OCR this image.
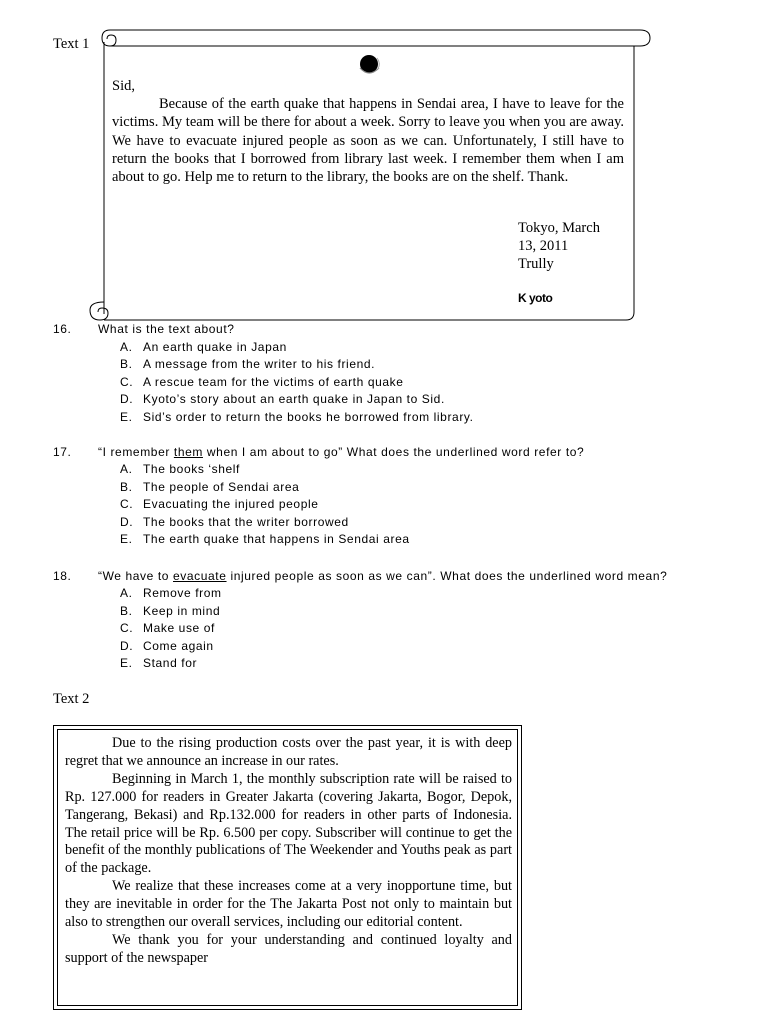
Text 1
Sid,

Because of the earth quake that happens in Sendai area, I have to leave for the victims. My team will be there for about a week. Sorry to leave you when you are away. We have to evacuate injured people as soon as we can. Unfortunately, I still have to return the books that I borrowed from library last week. I remember them when I am about to go. Help me to return to the library, the books are on the shelf. Thank.

Tokyo, March
13, 2011
Trully
K yoto
16. What is the text about?
A. An earth quake in Japan
B. A message from the writer to his friend.
C. A rescue team for the victims of earth quake
D. Kyoto’s story about an earth quake in Japan to Sid.
E. Sid’s order to return the books he borrowed from library.
17. “I remember them when I am about to go” What does the underlined word refer to?
A. The books ‘shelf
B. The people of Sendai area
C. Evacuating the injured people
D. The books that the writer borrowed
E. The earth quake that happens in Sendai area
18. “We have to evacuate injured people as soon as we can”. What does the underlined word mean?
A. Remove from
B. Keep in mind
C. Make use of
D. Come again
E. Stand for
Text 2

Due to the rising production costs over the past year, it is with deep regret that we announce an increase in our rates.

Beginning in March 1, the monthly subscription rate will be raised to Rp. 127.000 for readers in Greater Jakarta (covering Jakarta, Bogor, Depok, Tangerang, Bekasi) and Rp.132.000 for readers in other parts of Indonesia. The retail price will be Rp. 6.500 per copy. Subscriber will continue to get the benefit of the monthly publications of The Weekender and Youths peak as part of the package.

We realize that these increases come at a very inopportune time, but they are inevitable in order for the The Jakarta Post not only to maintain but also to strengthen our overall services, including our editorial content.

We thank you for your understanding and continued loyalty and support of the newspaper
